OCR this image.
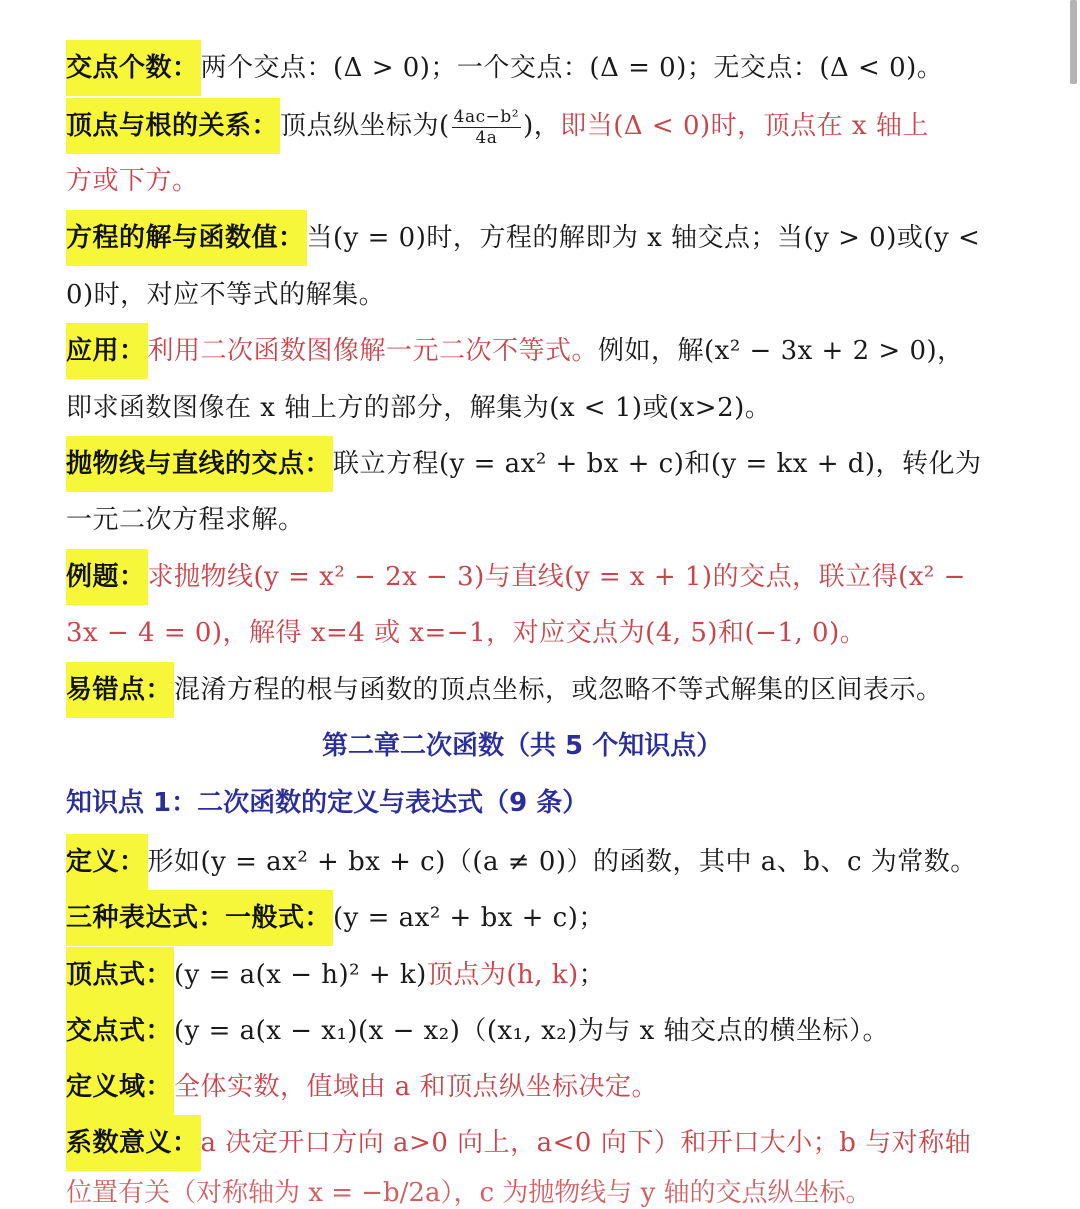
交点个数：两个交点：(Δ > 0)；一个交点：(Δ = 0)；无交点：(Δ < 0)。
顶点与根的关系：顶点纵坐标为( $\frac{\text{4ac−b²}}{4a}$ )，即当(Δ < 0)时，顶点在 x 轴上
方或下方。
方程的解与函数值：当(y = 0)时，方程的解即为 x 轴交点；当(y > 0)或(y <
0)时，对应不等式的解集。
应用：利用二次函数图像解一元二次不等式。例如，解(x² − 3x + 2 > 0)，
即求函数图像在 x 轴上方的部分，解集为(x < 1)或(x>2)。
抛物线与直线的交点：联立方程(y = ax² + bx + c)和(y = kx + d)，转化为
一元二次方程求解。
例题：求抛物线(y = x² − 2x − 3)与直线(y = x + 1)的交点，联立得(x² −
3x − 4 = 0)，解得 x=4 或 x=−1，对应交点为(4, 5)和(−1, 0)。
易错点：混淆方程的根与函数的顶点坐标，或忽略不等式解集的区间表示。
第二章二次函数（共 5 个知识点）
知识点 1：二次函数的定义与表达式（9 条）
定义：形如(y = ax² + bx + c)（(a ≠ 0)）的函数，其中 a、b、c 为常数。
三种表达式：一般式：(y = ax² + bx + c)；
顶点式：(y = a(x − h)² + k)顶点为(h, k)；
交点式：(y = a(x − x₁)(x − x₂)（(x₁, x₂)为与 x 轴交点的横坐标）。
定义域：全体实数，值域由 a 和顶点纵坐标决定。
系数意义：a 决定开口方向 a>0 向上，a<0 向下）和开口大小；b 与对称轴
位置有关（对称轴为 x = −b/2a），c 为抛物线与 y 轴的交点纵坐标。
